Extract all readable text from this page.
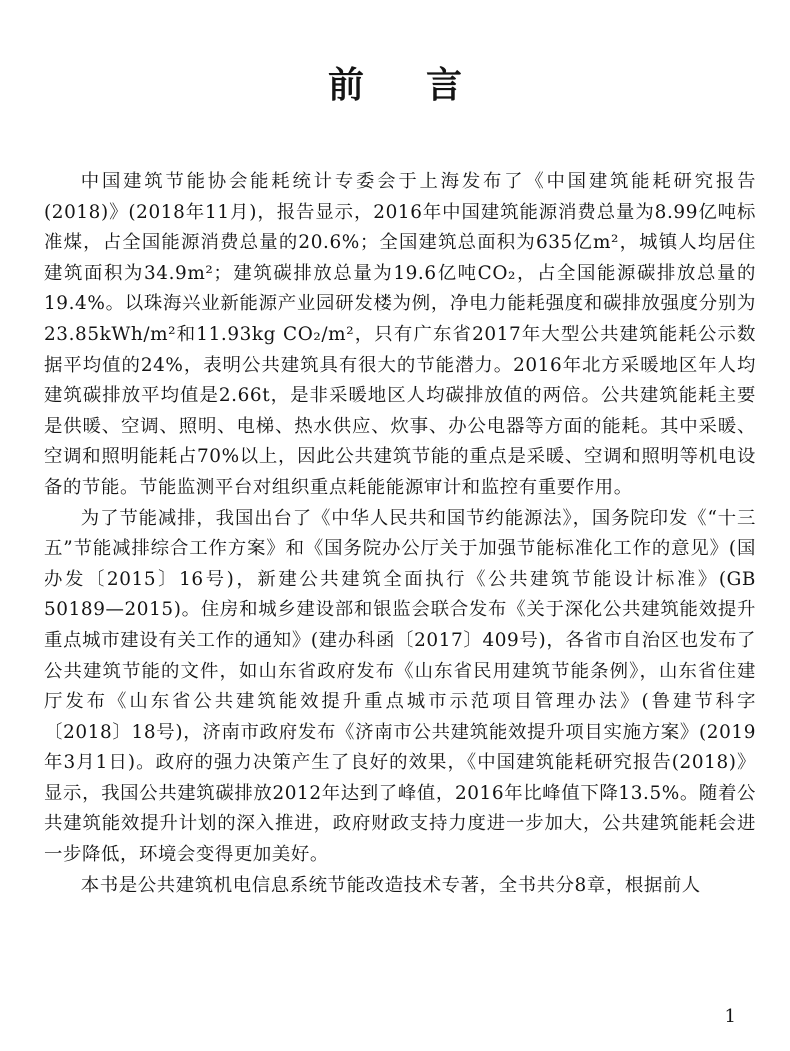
前言

中国建筑节能协会能耗统计专委会于上海发布了《中国建筑能耗研究报告(2018)》(2018年11月)，报告显示，2016年中国建筑能源消费总量为8.99亿吨标准煤，占全国能源消费总量的20.6%；全国建筑总面积为635亿m²，城镇人均居住建筑面积为34.9m²；建筑碳排放总量为19.6亿吨CO₂，占全国能源碳排放总量的19.4%。以珠海兴业新能源产业园研发楼为例，净电力能耗强度和碳排放强度分别为23.85kWh/m²和11.93kg CO₂/m²，只有广东省2017年大型公共建筑能耗公示数据平均值的24%，表明公共建筑具有很大的节能潜力。2016年北方采暖地区年人均建筑碳排放平均值是2.66t，是非采暖地区人均碳排放值的两倍。公共建筑能耗主要是供暖、空调、照明、电梯、热水供应、炊事、办公电器等方面的能耗。其中采暖、空调和照明能耗占70%以上，因此公共建筑节能的重点是采暖、空调和照明等机电设备的节能。节能监测平台对组织重点耗能能源审计和监控有重要作用。

为了节能减排，我国出台了《中华人民共和国节约能源法》，国务院印发《“十三五”节能减排综合工作方案》和《国务院办公厅关于加强节能标准化工作的意见》(国办发〔2015〕16号)，新建公共建筑全面执行《公共建筑节能设计标准》(GB 50189—2015)。住房和城乡建设部和银监会联合发布《关于深化公共建筑能效提升重点城市建设有关工作的通知》(建办科函〔2017〕409号)，各省市自治区也发布了公共建筑节能的文件，如山东省政府发布《山东省民用建筑节能条例》，山东省住建厅发布《山东省公共建筑能效提升重点城市示范项目管理办法》(鲁建节科字〔2018〕18号)，济南市政府发布《济南市公共建筑能效提升项目实施方案》(2019年3月1日)。政府的强力决策产生了良好的效果，《中国建筑能耗研究报告(2018)》显示，我国公共建筑碳排放2012年达到了峰值，2016年比峰值下降13.5%。随着公共建筑能效提升计划的深入推进，政府财政支持力度进一步加大，公共建筑能耗会进一步降低，环境会变得更加美好。

本书是公共建筑机电信息系统节能改造技术专著，全书共分8章，根据前人

1
